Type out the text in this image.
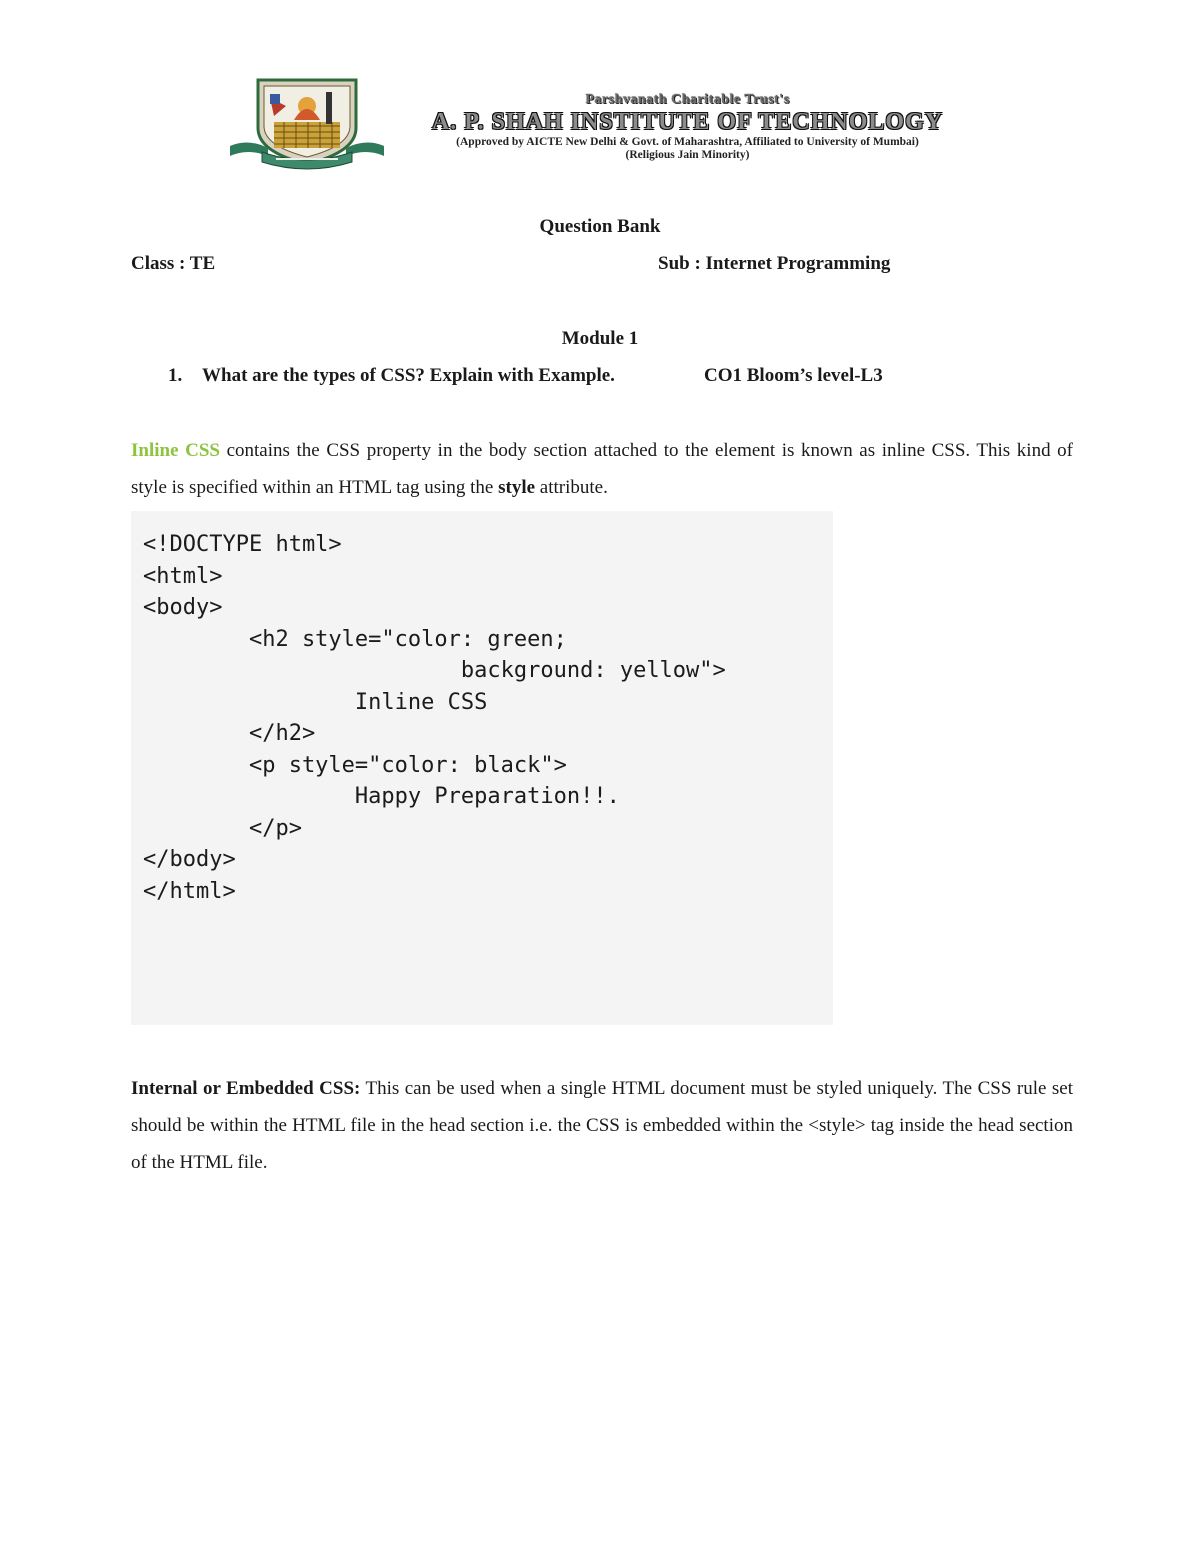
Parshvanath Charitable Trust's
A. P. SHAH INSTITUTE OF TECHNOLOGY
(Approved by AICTE New Delhi & Govt. of Maharashtra, Affiliated to University of Mumbai)
(Religious Jain Minority)
Question Bank
Class : TE	Sub : Internet Programming
Module 1
1. What are the types of CSS? Explain with Example.	CO1 Bloom’s level-L3
Inline CSS contains the CSS property in the body section attached to the element is known as inline CSS. This kind of style is specified within an HTML tag using the style attribute.
<!DOCTYPE html>
<html>
<body>
<h2 style="color: green;
background: yellow">
Inline CSS
</h2>
<p style="color: black">
Happy Preparation!!.
</p>
</body>
</html>
Internal or Embedded CSS: This can be used when a single HTML document must be styled uniquely. The CSS rule set should be within the HTML file in the head section i.e. the CSS is embedded within the <style> tag inside the head section of the HTML file.
